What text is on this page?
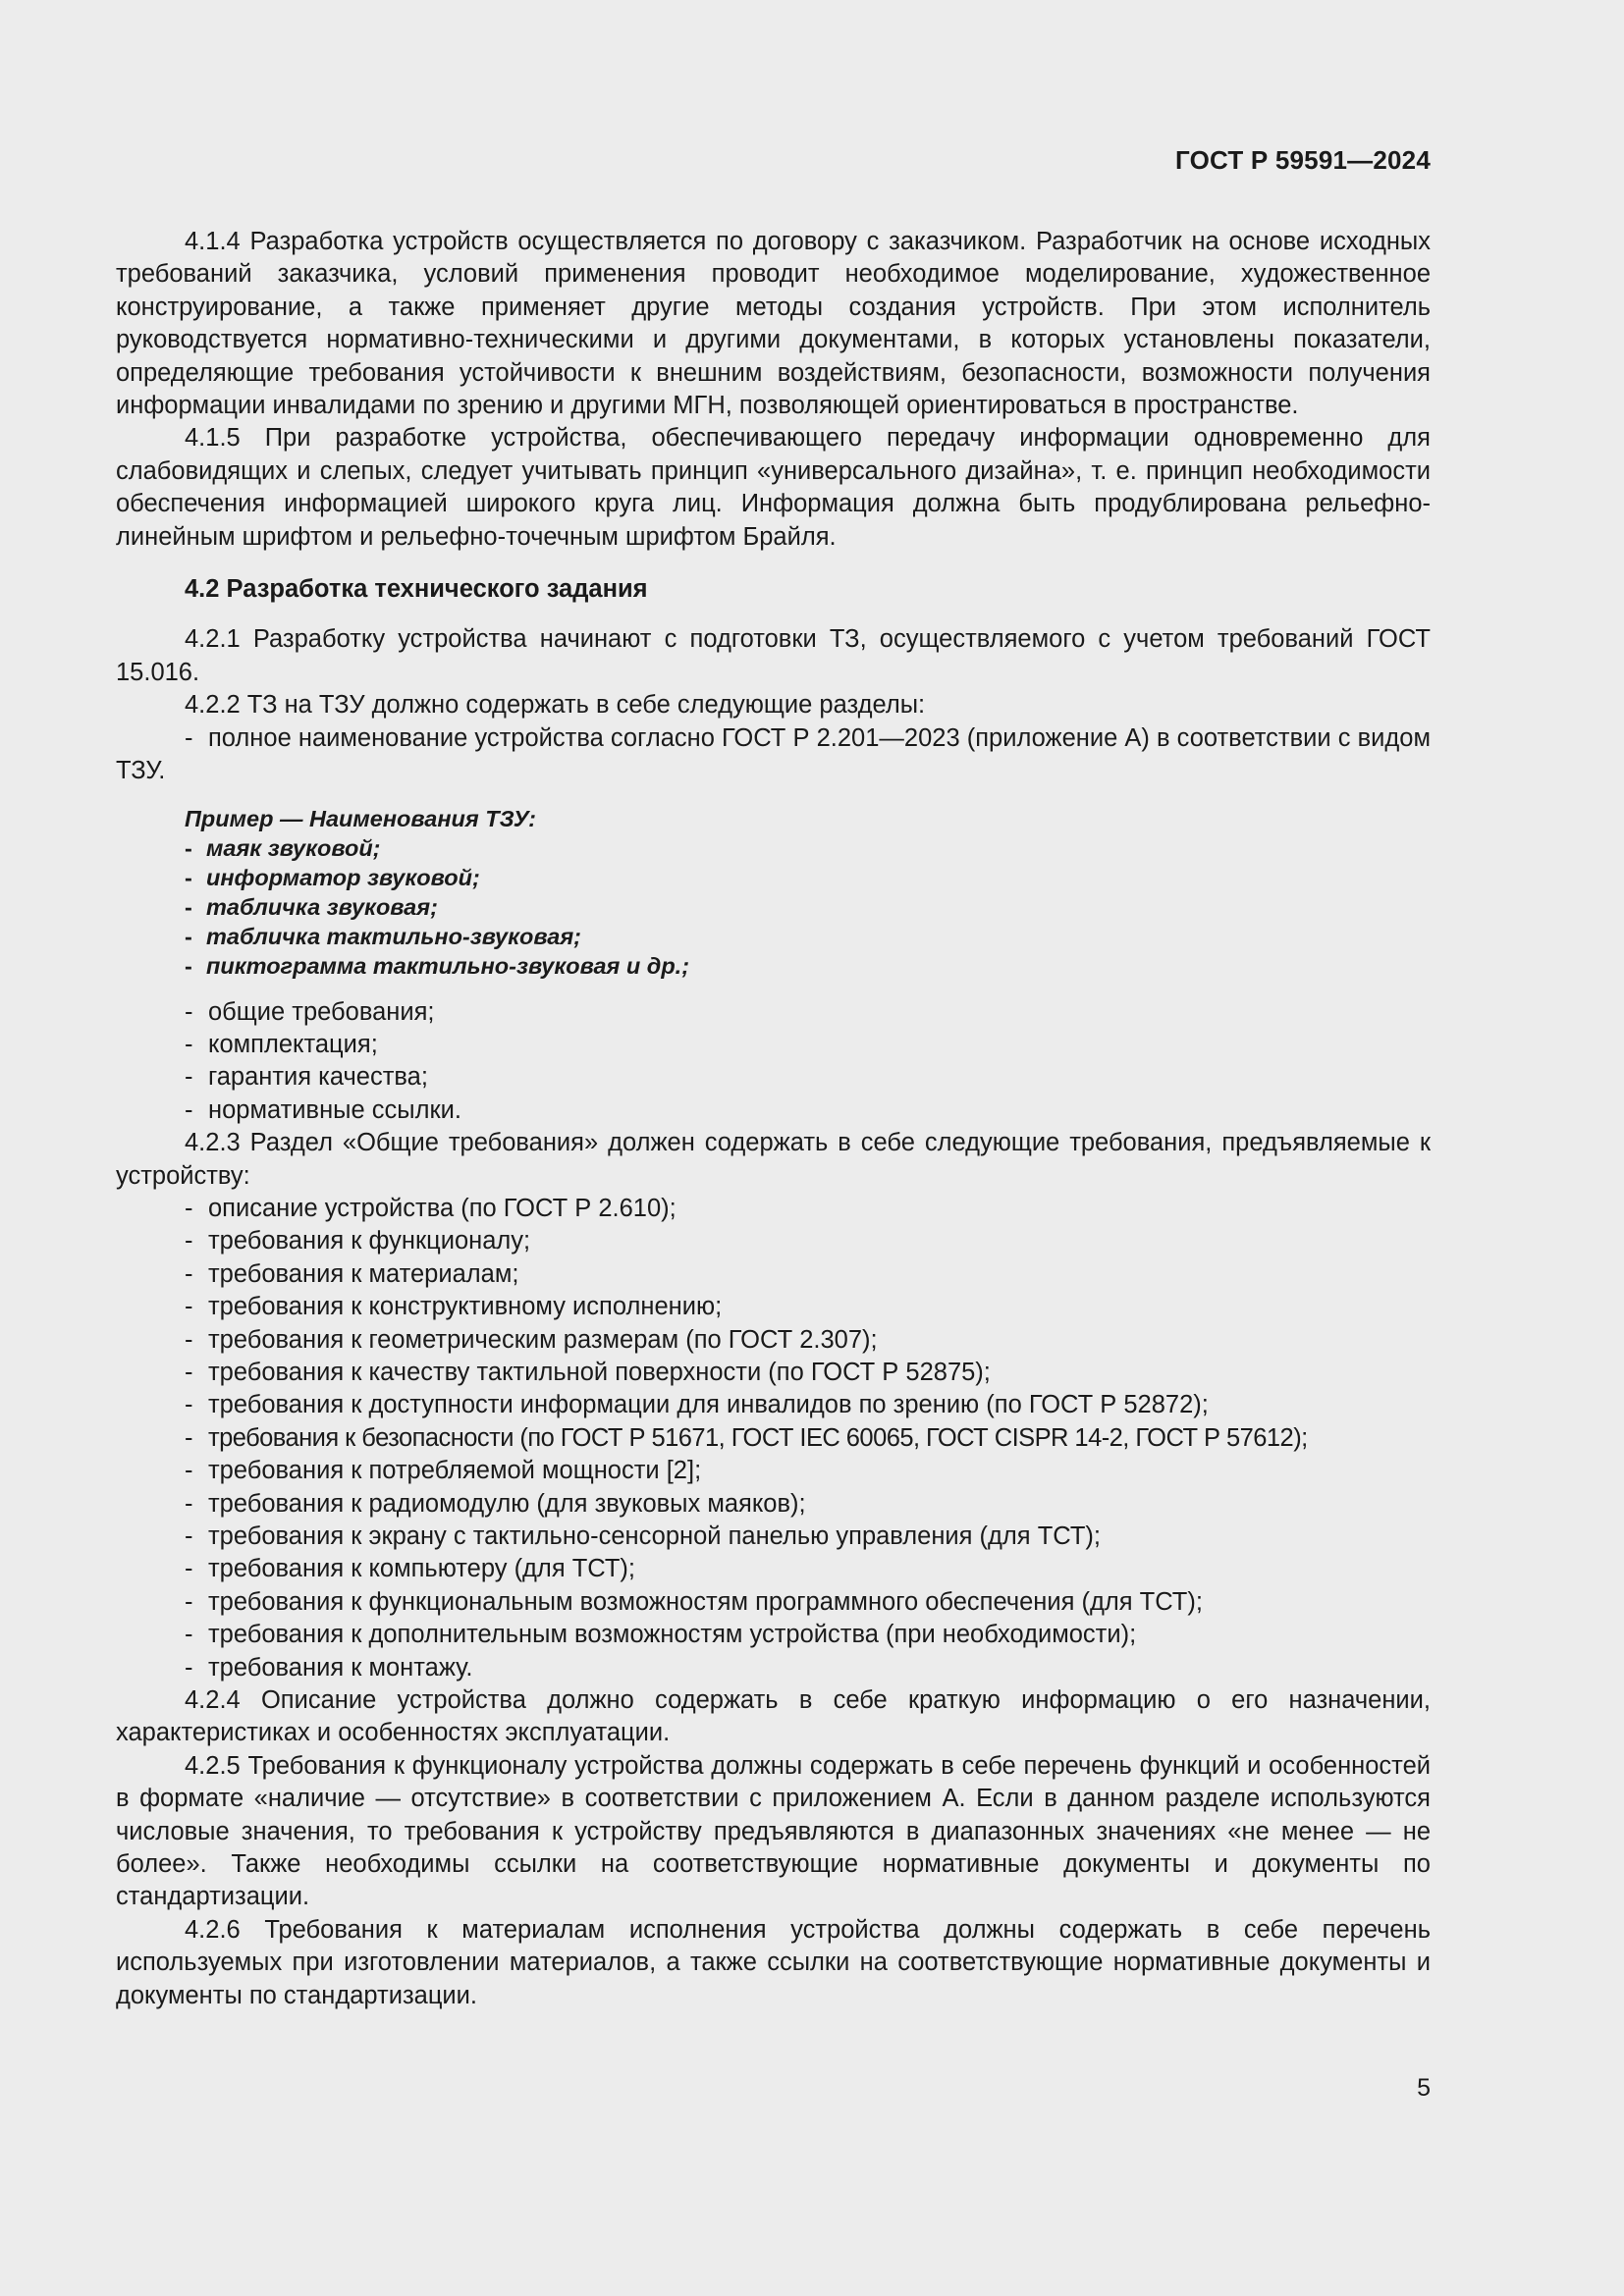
ГОСТ Р 59591—2024

4.1.4 Разработка устройств осуществляется по договору с заказчиком. Разработчик на основе исходных требований заказчика, условий применения проводит необходимое моделирование, художественное конструирование, а также применяет другие методы создания устройств. При этом исполнитель руководствуется нормативно-техническими и другими документами, в которых установлены показатели, определяющие требования устойчивости к внешним воздействиям, безопасности, возможности получения информации инвалидами по зрению и другими МГН, позволяющей ориентироваться в пространстве.

4.1.5 При разработке устройства, обеспечивающего передачу информации одновременно для слабовидящих и слепых, следует учитывать принцип «универсального дизайна», т. е. принцип необходимости обеспечения информацией широкого круга лиц. Информация должна быть продублирована рельефно-линейным шрифтом и рельефно-точечным шрифтом Брайля.

4.2 Разработка технического задания

4.2.1 Разработку устройства начинают с подготовки ТЗ, осуществляемого с учетом требований ГОСТ 15.016.

4.2.2 ТЗ на ТЗУ должно содержать в себе следующие разделы:

- полное наименование устройства согласно ГОСТ Р 2.201—2023 (приложение А) в соответствии с видом ТЗУ.
Пример — Наименования ТЗУ:
- маяк звуковой;
- информатор звуковой;
- табличка звуковая;
- табличка тактильно-звуковая;
- пиктограмма тактильно-звуковая и др.;
- общие требования;
- комплектация;
- гарантия качества;
- нормативные ссылки.

4.2.3 Раздел «Общие требования» должен содержать в себе следующие требования, предъявляемые к устройству:

- описание устройства (по ГОСТ Р 2.610);
- требования к функционалу;
- требования к материалам;
- требования к конструктивному исполнению;
- требования к геометрическим размерам (по ГОСТ 2.307);
- требования к качеству тактильной поверхности (по ГОСТ Р 52875);
- требования к доступности информации для инвалидов по зрению (по ГОСТ Р 52872);
- требования к безопасности (по ГОСТ Р 51671, ГОСТ IEC 60065, ГОСТ CISPR 14-2, ГОСТ Р 57612);
- требования к потребляемой мощности [2];
- требования к радиомодулю (для звуковых маяков);
- требования к экрану с тактильно-сенсорной панелью управления (для ТСТ);
- требования к компьютеру (для ТСТ);
- требования к функциональным возможностям программного обеспечения (для ТСТ);
- требования к дополнительным возможностям устройства (при необходимости);
- требования к монтажу.

4.2.4 Описание устройства должно содержать в себе краткую информацию о его назначении, характеристиках и особенностях эксплуатации.

4.2.5 Требования к функционалу устройства должны содержать в себе перечень функций и особенностей в формате «наличие — отсутствие» в соответствии с приложением А. Если в данном разделе используются числовые значения, то требования к устройству предъявляются в диапазонных значениях «не менее — не более». Также необходимы ссылки на соответствующие нормативные документы и документы по стандартизации.

4.2.6 Требования к материалам исполнения устройства должны содержать в себе перечень используемых при изготовлении материалов, а также ссылки на соответствующие нормативные документы и документы по стандартизации.

5
